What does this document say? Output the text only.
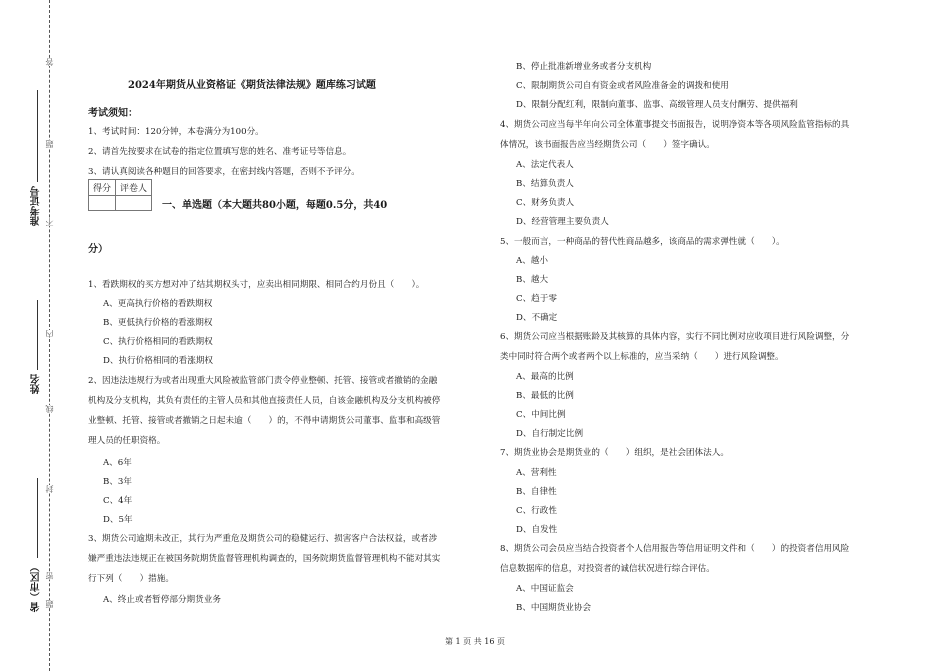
答
题
不
内
线
封
密
题
准考证号
姓名
省（市区）
2024年期货从业资格证《期货法律法规》题库练习试题
考试须知：
1、考试时间：120分钟，本卷满分为100分。
2、请首先按要求在试卷的指定位置填写您的姓名、准考证号等信息。
3、请认真阅读各种题目的回答要求，在密封线内答题，否则不予评分。
得分	评卷人

一、单选题（本大题共80小题，每题0.5分，共40
分）
1、看跌期权的买方想对冲了结其期权头寸，应卖出相同期限、相同合约月份且（　　）。
A、更高执行价格的看跌期权
B、更低执行价格的看涨期权
C、执行价格相同的看跌期权
D、执行价格相同的看涨期权
2、因违法违规行为或者出现重大风险被监管部门责令停业整顿、托管、接管或者撤销的金融
机构及分支机构，其负有责任的主管人员和其他直接责任人员，自该金融机构及分支机构被停
业整顿、托管、接管或者撤销之日起未逾（　　）的，不得申请期货公司董事、监事和高级管
理人员的任职资格。
A、6年
B、3年
C、4年
D、5年
3、期货公司逾期未改正，其行为严重危及期货公司的稳健运行、损害客户合法权益，或者涉
嫌严重违法违规正在被国务院期货监督管理机构调查的，国务院期货监督管理机构不能对其实
行下列（　　）措施。
A、终止或者暂停部分期货业务
B、停止批准新增业务或者分支机构
C、限制期货公司自有资金或者风险准备金的调拨和使用
D、限制分配红利，限制向董事、监事、高级管理人员支付酬劳、提供福利
4、期货公司应当每半年向公司全体董事提交书面报告，说明净资本等各项风险监管指标的具
体情况，该书面报告应当经期货公司（　　）签字确认。
A、法定代表人
B、结算负责人
C、财务负责人
D、经营管理主要负责人
5、一般而言，一种商品的替代性商品越多，该商品的需求弹性就（　　）。
A、越小
B、越大
C、趋于零
D、不确定
6、期货公司应当根据账龄及其核算的具体内容，实行不同比例对应收项目进行风险调整，分
类中同时符合两个或者两个以上标准的，应当采纳（　　）进行风险调整。
A、最高的比例
B、最低的比例
C、中间比例
D、自行制定比例
7、期货业协会是期货业的（　　）组织，是社会团体法人。
A、营利性
B、自律性
C、行政性
D、自发性
8、期货公司会员应当结合投资者个人信用报告等信用证明文件和（　　）的投资者信用风险
信息数据库的信息，对投资者的诚信状况进行综合评估。
A、中国证监会
B、中国期货业协会
第 1 页 共 16 页
